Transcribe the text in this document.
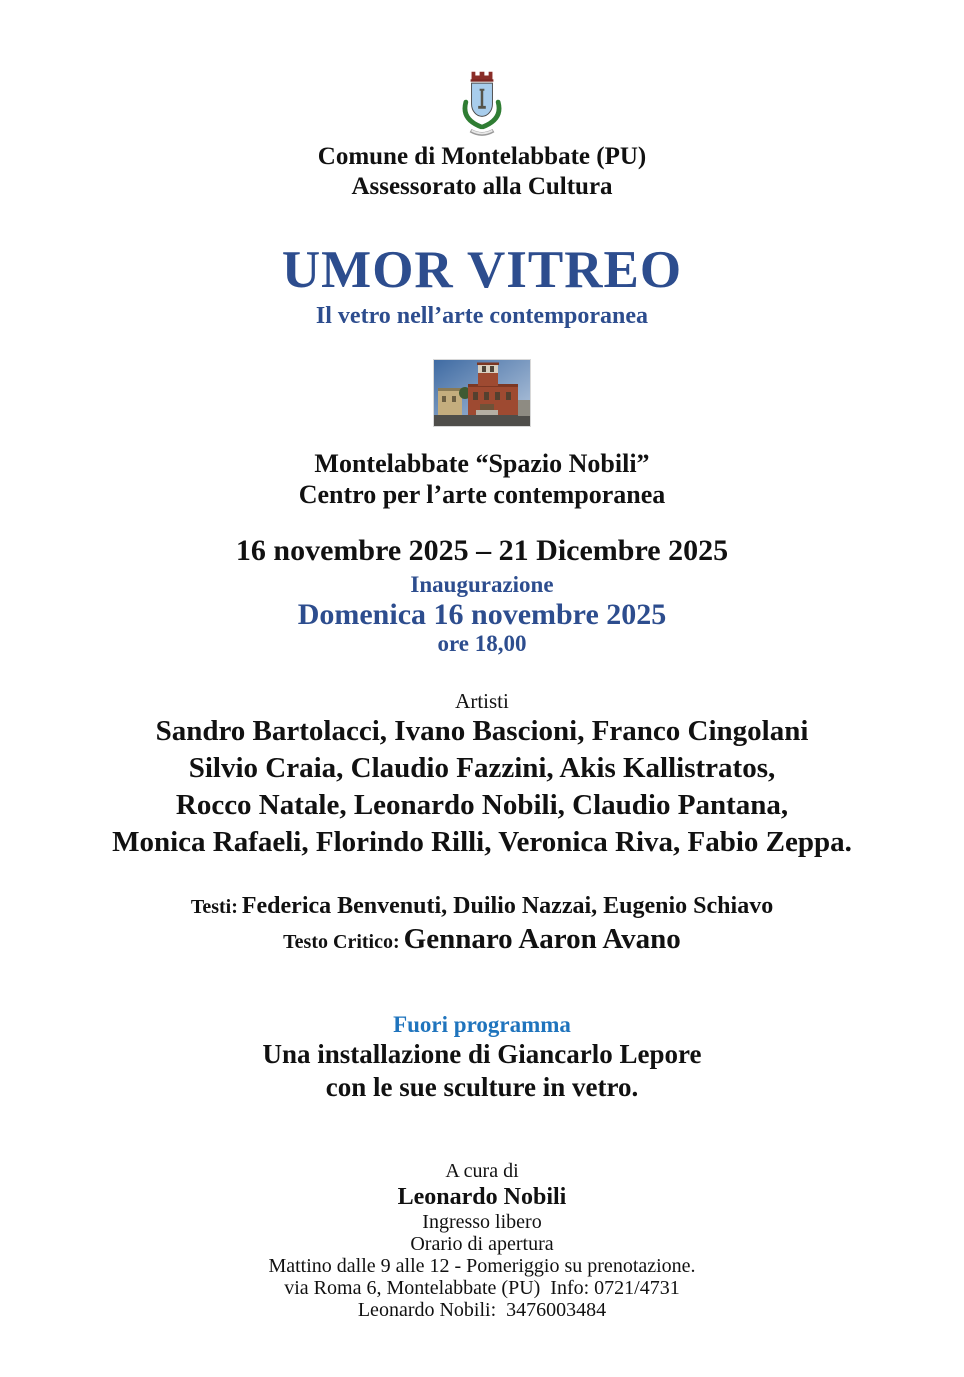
Comune di Montelabbate (PU)
Assessorato alla Cultura
UMOR VITREO
Il vetro nell’arte contemporanea
Montelabbate “Spazio Nobili”
Centro per l’arte contemporanea
16 novembre 2025 – 21 Dicembre 2025
Inaugurazione
Domenica 16 novembre 2025
ore 18,00
Artisti
Sandro Bartolacci, Ivano Bascioni, Franco Cingolani
Silvio Craia, Claudio Fazzini, Akis Kallistratos,
Rocco Natale, Leonardo Nobili, Claudio Pantana,
Monica Rafaeli, Florindo Rilli, Veronica Riva, Fabio Zeppa.
Testi: Federica Benvenuti, Duilio Nazzai, Eugenio Schiavo
Testo Critico: Gennaro Aaron Avano
Fuori programma
Una installazione di Giancarlo Lepore
con le sue sculture in vetro.
A cura di
Leonardo Nobili
Ingresso libero
Orario di apertura
Mattino dalle 9 alle 12 - Pomeriggio su prenotazione.
via Roma 6, Montelabbate (PU)  Info: 0721/4731
Leonardo Nobili:  3476003484
